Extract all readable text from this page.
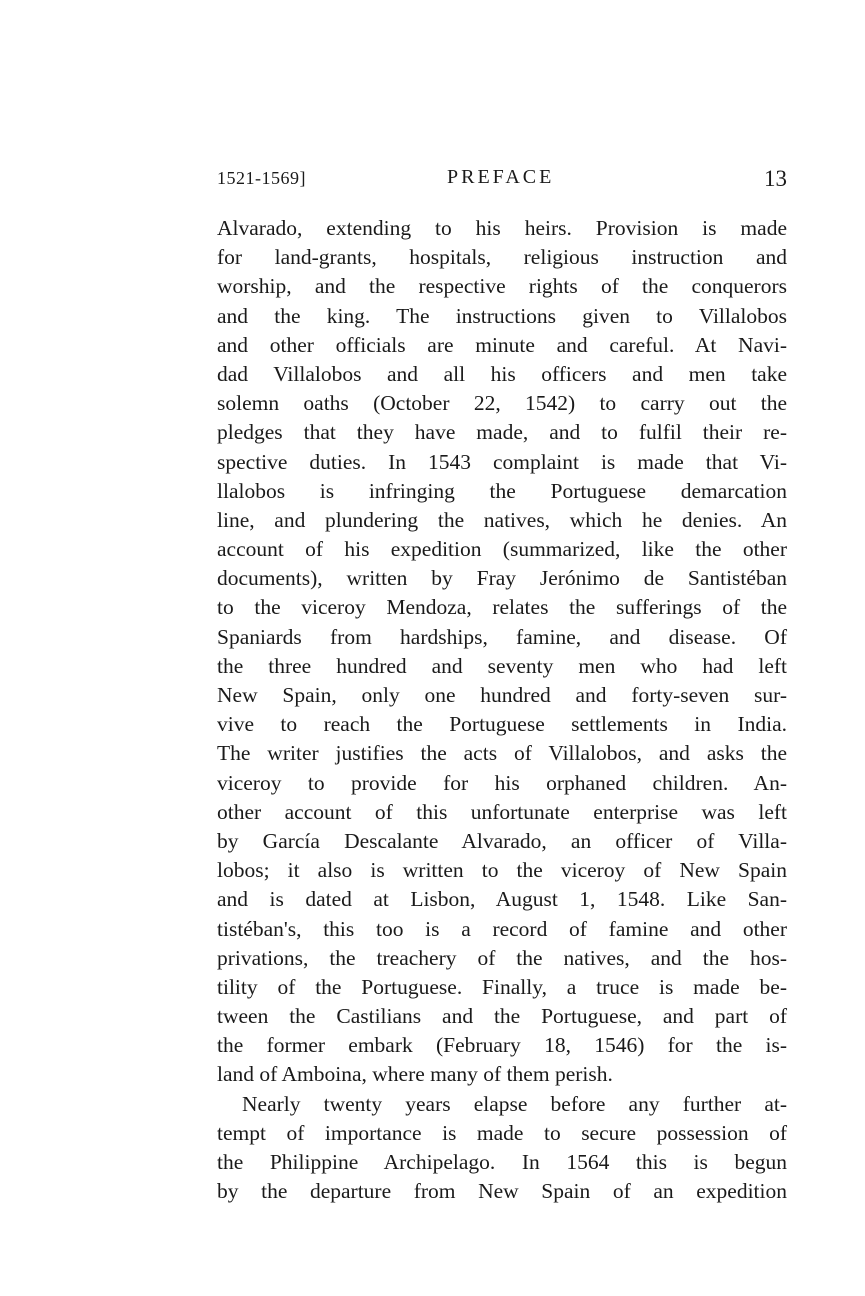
1521-1569]	PREFACE	13
Alvarado, extending to his heirs. Provision is made
for land-grants, hospitals, religious instruction and
worship, and the respective rights of the conquerors
and the king. The instructions given to Villalobos
and other officials are minute and careful. At Navi-
dad Villalobos and all his officers and men take
solemn oaths (October 22, 1542) to carry out the
pledges that they have made, and to fulfil their re-
spective duties. In 1543 complaint is made that Vi-
llalobos is infringing the Portuguese demarcation
line, and plundering the natives, which he denies. An
account of his expedition (summarized, like the other
documents), written by Fray Jerónimo de Santistéban
to the viceroy Mendoza, relates the sufferings of the
Spaniards from hardships, famine, and disease. Of
the three hundred and seventy men who had left
New Spain, only one hundred and forty-seven sur-
vive to reach the Portuguese settlements in India.
The writer justifies the acts of Villalobos, and asks the
viceroy to provide for his orphaned children. An-
other account of this unfortunate enterprise was left
by García Descalante Alvarado, an officer of Villa-
lobos; it also is written to the viceroy of New Spain
and is dated at Lisbon, August 1, 1548. Like San-
tistéban's, this too is a record of famine and other
privations, the treachery of the natives, and the hos-
tility of the Portuguese. Finally, a truce is made be-
tween the Castilians and the Portuguese, and part of
the former embark (February 18, 1546) for the is-
land of Amboina, where many of them perish.
Nearly twenty years elapse before any further at-
tempt of importance is made to secure possession of
the Philippine Archipelago. In 1564 this is begun
by the departure from New Spain of an expedition
